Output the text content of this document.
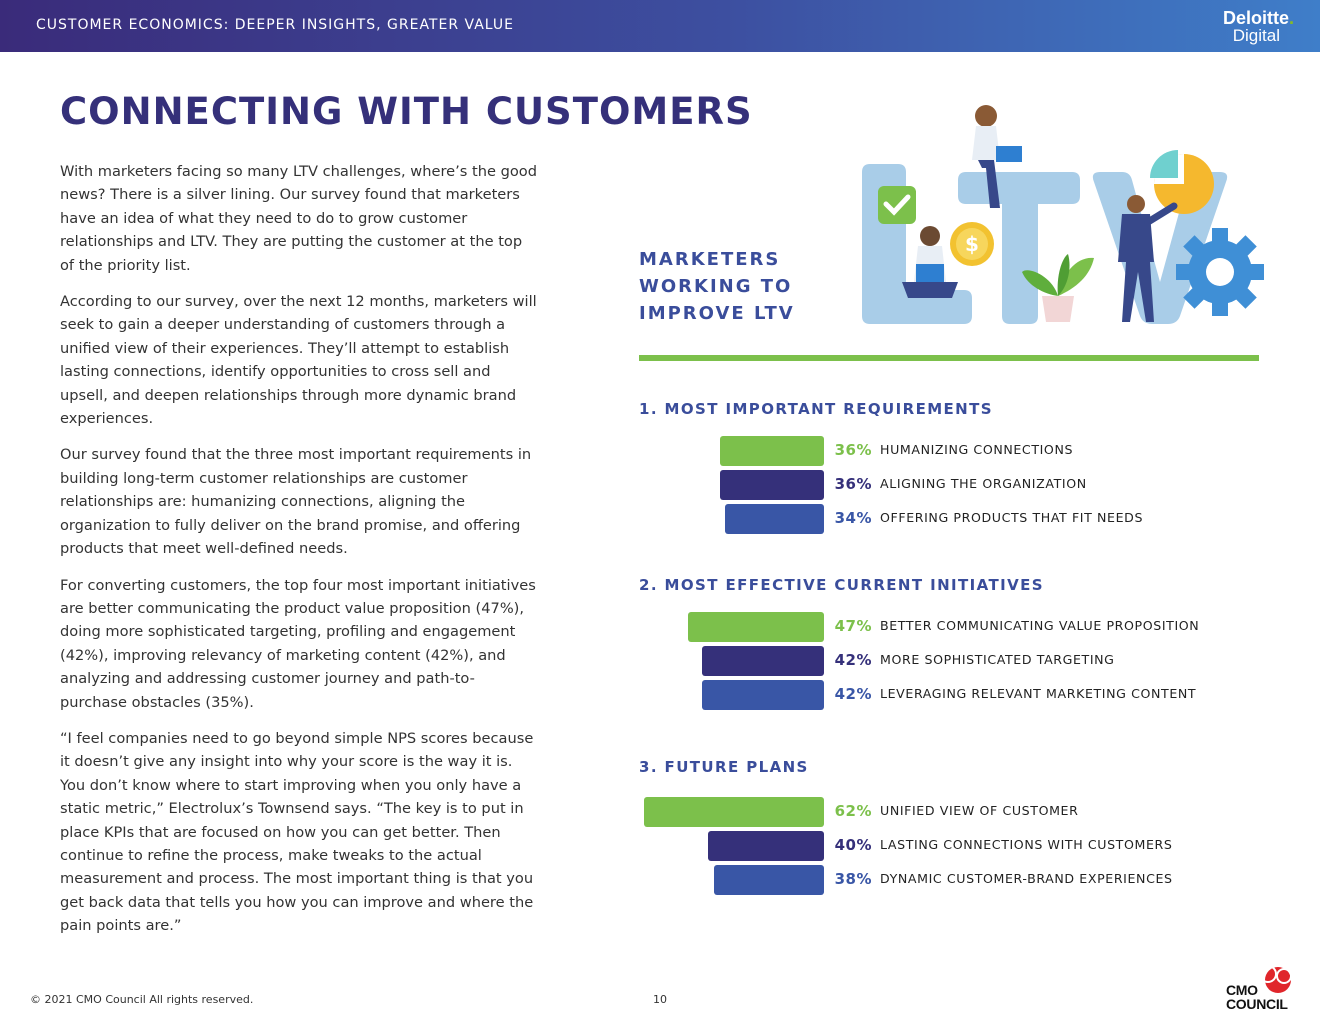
CUSTOMER ECONOMICS: DEEPER INSIGHTS, GREATER VALUE	Deloitte.
Digital
CONNECTING WITH CUSTOMERS

With marketers facing so many LTV challenges, where’s the good news? There is a silver lining. Our survey found that marketers have an idea of what they need to do to grow customer relationships and LTV. They are putting the customer at the top of the priority list.

According to our survey, over the next 12 months, marketers will seek to gain a deeper understanding of customers through a unified view of their experiences. They’ll attempt to establish lasting connections, identify opportunities to cross sell and upsell, and deepen relationships through more dynamic brand experiences.

Our survey found that the three most important requirements in building long-term customer relationships are customer relationships are: humanizing connections, aligning the organization to fully deliver on the brand promise, and offering products that meet well-defined needs.

For converting customers, the top four most important initiatives are better communicating the product value proposition (47%), doing more sophisticated targeting, profiling and engagement (42%), improving relevancy of marketing content (42%), and analyzing and addressing customer journey and path-to-purchase obstacles (35%).

“I feel companies need to go beyond simple NPS scores because it doesn’t give any insight into why your score is the way it is. You don’t know where to start improving when you only have a static metric,” Electrolux’s Townsend says. “The key is to put in place KPIs that are focused on how you can get better. Then continue to refine the process, make tweaks to the actual measurement and process. The most important thing is that you get back data that tells you how you can improve and where the pain points are.”

MARKETERS
WORKING TO
IMPROVE LTV
$
1. MOST IMPORTANT REQUIREMENTS
2. MOST EFFECTIVE CURRENT INITIATIVES
3. FUTURE PLANS
36% HUMANIZING CONNECTIONS
36% ALIGNING THE ORGANIZATION
34% OFFERING PRODUCTS THAT FIT NEEDS
47% BETTER COMMUNICATING VALUE PROPOSITION
42% MORE SOPHISTICATED TARGETING
42% LEVERAGING RELEVANT MARKETING CONTENT
62% UNIFIED VIEW OF CUSTOMER
40% LASTING CONNECTIONS WITH CUSTOMERS
38% DYNAMIC CUSTOMER-BRAND EXPERIENCES
© 2021 CMO Council All rights reserved.	10
CMO
COUNCIL
